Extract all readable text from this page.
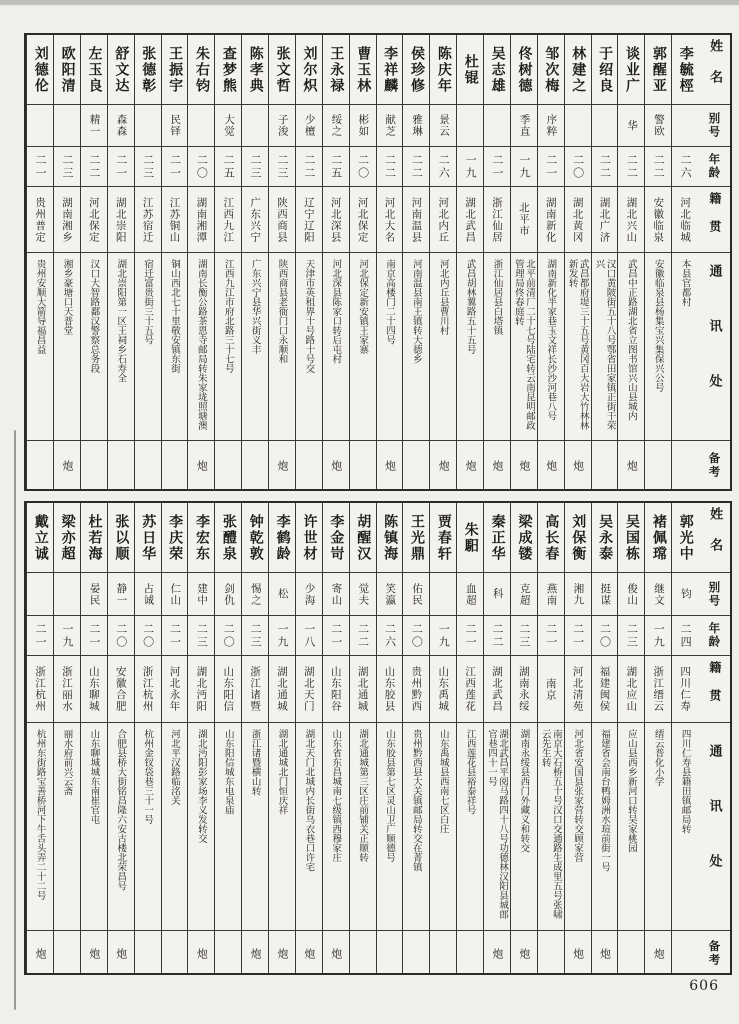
姓名
别号
年龄
籍贯
通讯处
备考
李毓桱
二六
河北临城
本县官都村
郭醒亚
警欧
二二
安徽临泉
安徽临泉县杨集宝兴集保兴公号
谈业广
华
二二
湖北兴山
武昌中正路湖北省立图书馆兴山县城内
炮
于绍良
二二
湖北广济
汉口黄陂街五十八号鄂省田家镇正街干荣兴
林建之
二〇
湖北黄冈
武昌都府堤三十五号黄冈百大岩大竹林林新发转
炮
邹次梅
序粹
二一
湖南新化
湖南新化半家巷玉文祥长沙沙河巷八号
炮
佟树德
季直
一九
北平市
北平前清厂二十七号陆宅转云南昆明邮政管理局佟春庭转
炮
吴志雄
二一
浙江仙居
浙江仙居县白塔镇
炮
杜锟
一九
湖北武昌
武昌胡林翼路五十五号
炮
陈庆年
景云
二六
河北内丘
河北内丘县曹川村
炮
侯珍修
雅琳
二二
河南温县
河南温县南王镇转大德乡
李祥麟
献芝
二二
河北大名
南京高楼门二十四号
炮
曹玉林
彬如
二〇
河北保定
河北保定新安镇王家寨
王永禄
绥之
二五
河北深县
河北深县陈家口转后屯村
炮
刘尔炽
少檀
二二
辽宁辽阳
天津市英租界十号路十号交
张文哲
子浚
二三
陕西商县
陕西商县老衙门口永顺和
炮
陈孝典
二三
广东兴宁
广东兴宁县华兴街义丰
查梦熊
大觉
二五
江西九江
江西九江市府北路三十七号
朱右钧
二〇
湖南湘潭
湖南长衡公路茶恩寺邮局转朱家垅照塘澳
炮
王振宇
民铎
二一
江苏铜山
铜山西北七十里敬安镇东街
张德彰
二三
江苏宿迁
宿迁富贵街三十五号
舒文达
森森
二一
湖北崇阳
湖北崇阳第一区王祠乡石寿全
左玉良
精一
二二
河北保定
汉口大智路鄱汉警察总务段
欧阳清
二三
湖南湘乡
湘乡豪塘口天普堂
炮
刘德伦
二一
贵州普定
贵州安顺大箭导福昌益
姓名
别号
年龄
籍贯
通讯处
备考
郭光中
钧
二四
四川仁寿
四川仁寿县籍田镇邮局转
褚佩瑺
继文
一九
浙江缙云
缙云普化小学
炮
吴国栋
俊山
二三
湖北应山
应山县西乡新河口转吴家桃园
吴永泰
挺谋
二〇
福建闽侯
福建省会南台鸭姆洲水瑄前街一号
炮
刘保衡
湘九
二一
河北清苑
河北省安国县张家营转交顾家营
炮
高长春
燕南
二一
南京
南京大石桥五十号汉口交通路生成里五号张啸云先生转
梁成镂
克超
二三
湖南永绥
湖南永绥县西门外藏义和转交
炮
秦正华
科
二二
湖北武昌
湖北武昌平阅马路四十八号功德林汉阳县城郎官巷四十一号
炮
朱馹
血超
二一
江西莲花
江西莲花县裕泰祥号
贾春轩
一九
山东禹城
山东禹城县西南七区白庄
王光鼎
佑民
二〇
贵州黔西
贵州黔西县大关镇邮局转交在菁镇
陈镇海
笑瀛
二六
山东胶县
山东胶县第七区灵山卫广顺德号
胡醒汉
觉夫
二二
湖北通城
湖北通城第三区庄前铺关正顺转
李金岢
寄山
二一
山东阳谷
山东省东昌城南七级镇西穆家庄
炮
许世材
少海
一八
湖北天门
湖北天门北城内长街乌衣巷口许宅
炮
李鹤龄
松
一九
湖北通城
湖北通城北门恒庆祥
炮
钟乾敦
惕之
二三
浙江诸暨
浙江诸暨横山转
炮
张醴泉
剑仇
二〇
山东阳信
山东阳信城东电泉庙
李宏东
建中
二三
湖北沔阳
湖北沔阳彭家场李义发转交
炮
李庆荣
仁山
二一
河北永年
河北平汉路临洺关
苏日华
占诚
二〇
浙江杭州
杭州金钗袋巷三十一号
张以顺
静一
二〇
安徽合肥
合肥县桥大街铭昌隆六安古楼北荣昌号
炮
杜若海
晏民
二一
山东聊城
山东聊城城东南崔官屯
炮
梁亦超
一九
浙江丽水
丽水府前兴云斋
戴立诚
二一
浙江杭州
杭州东街路宝善桥河下牛舌头弄二十二号
炮
606
